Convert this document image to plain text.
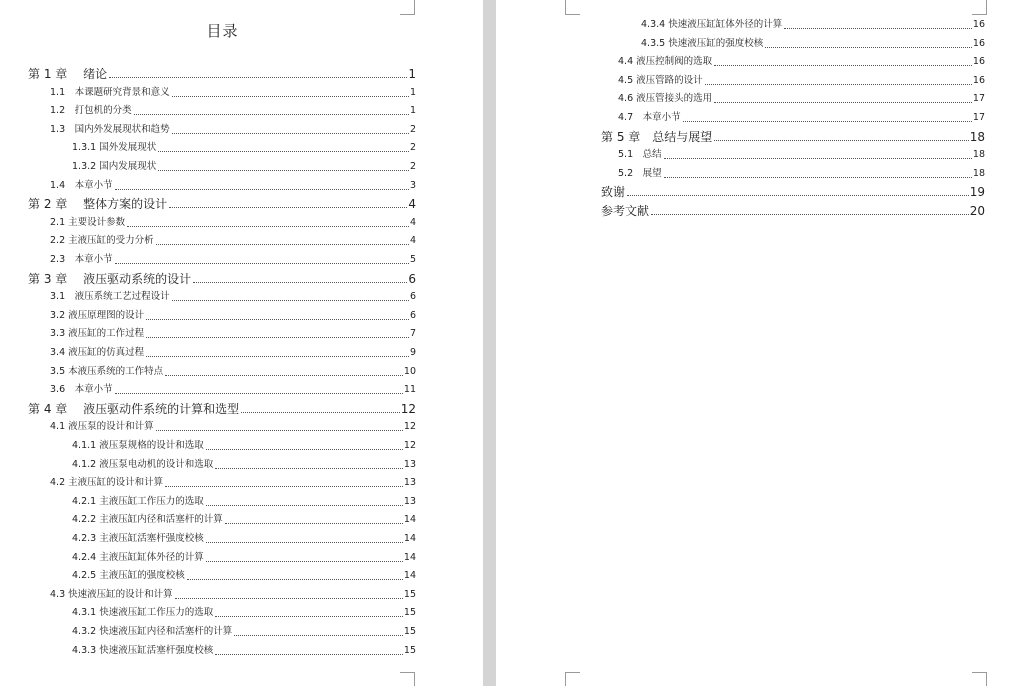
目录
第 1 章　 绪论	1
1.1　本课题研究背景和意义	1
1.2　打包机的分类	1
1.3　国内外发展现状和趋势	2
1.3.1 国外发展现状	2
1.3.2 国内发展现状	2
1.4　本章小节	3
第 2 章　 整体方案的设计	4
2.1 主要设计参数	4
2.2 主液压缸的受力分析	4
2.3　本章小节	5
第 3 章　 液压驱动系统的设计	6
3.1　液压系统工艺过程设计	6
3.2 液压原理图的设计	6
3.3 液压缸的工作过程	7
3.4 液压缸的仿真过程	9
3.5 本液压系统的工作特点	10
3.6　本章小节	11
第 4 章　 液压驱动件系统的计算和选型	12
4.1 液压泵的设计和计算	12
4.1.1 液压泵规格的设计和选取	12
4.1.2 液压泵电动机的设计和选取	13
4.2 主液压缸的设计和计算	13
4.2.1 主液压缸工作压力的选取	13
4.2.2 主液压缸内径和活塞杆的计算	14
4.2.3 主液压缸活塞杆强度校核	14
4.2.4 主液压缸缸体外径的计算	14
4.2.5 主液压缸的强度校核	14
4.3 快速液压缸的设计和计算	15
4.3.1 快速液压缸工作压力的选取	15
4.3.2 快速液压缸内径和活塞杆的计算	15
4.3.3 快速液压缸活塞杆强度校核	15
4.3.4 快速液压缸缸体外径的计算	16
4.3.5 快速液压缸的强度校核	16
4.4 液压控制阀的选取	16
4.5 液压管路的设计	16
4.6 液压管接头的选用	17
4.7　本章小节	17
第 5 章　总结与展望	18
5.1　总结	18
5.2　展望	18
致谢	19
参考文献	20
